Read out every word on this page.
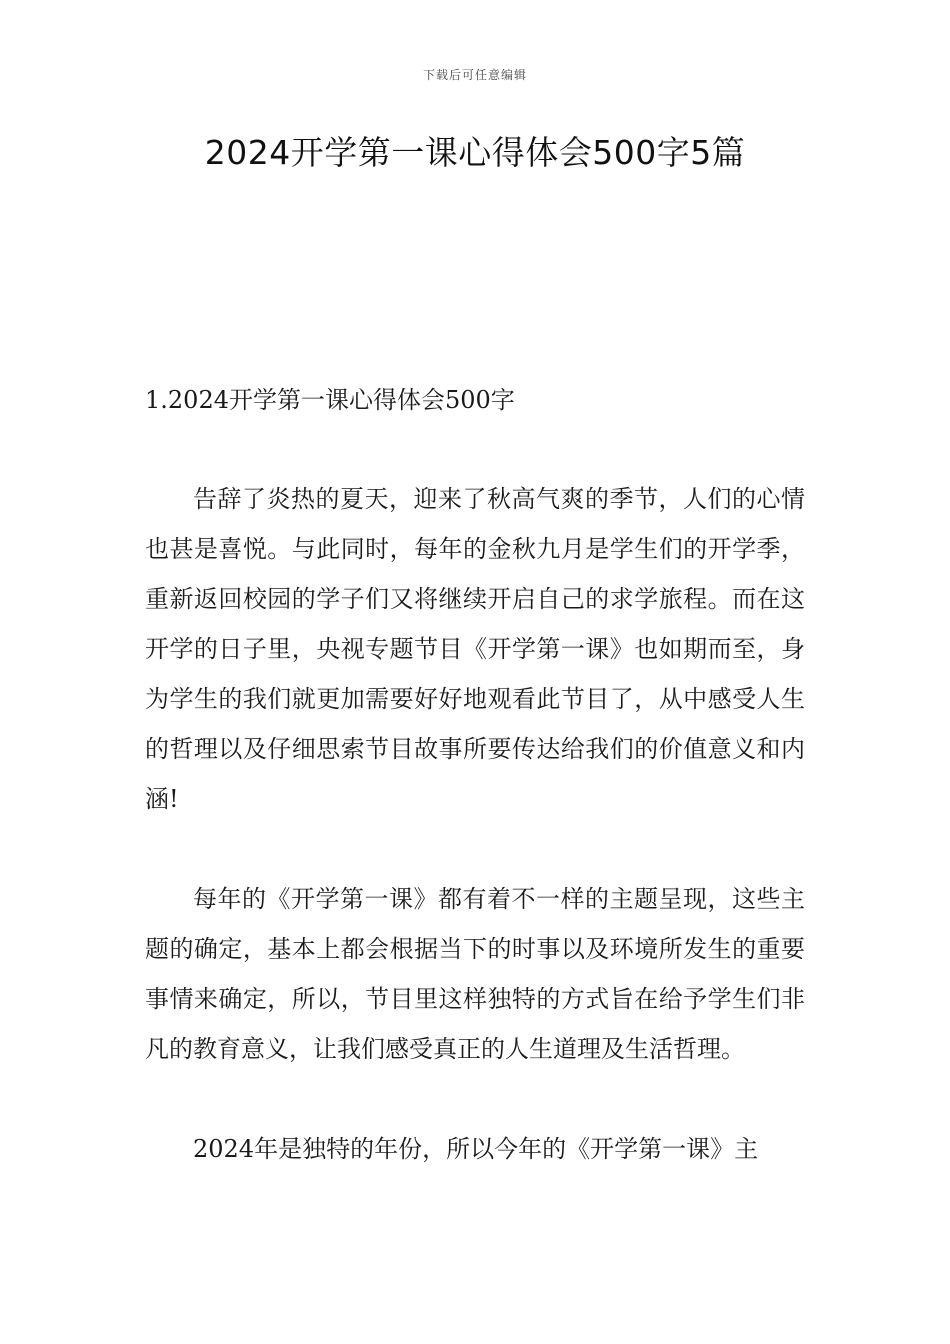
下载后可任意编辑
2024开学第一课心得体会500字5篇
1.2024开学第一课心得体会500字

告辞了炎热的夏天，迎来了秋高气爽的季节，人们的心情也甚是喜悦。与此同时，每年的金秋九月是学生们的开学季，重新返回校园的学子们又将继续开启自己的求学旅程。而在这开学的日子里，央视专题节目《开学第一课》也如期而至，身为学生的我们就更加需要好好地观看此节目了，从中感受人生的哲理以及仔细思索节目故事所要传达给我们的价值意义和内涵!

每年的《开学第一课》都有着不一样的主题呈现，这些主题的确定，基本上都会根据当下的时事以及环境所发生的重要事情来确定，所以，节目里这样独特的方式旨在给予学生们非凡的教育意义，让我们感受真正的人生道理及生活哲理。

2024年是独特的年份，所以今年的《开学第一课》主
